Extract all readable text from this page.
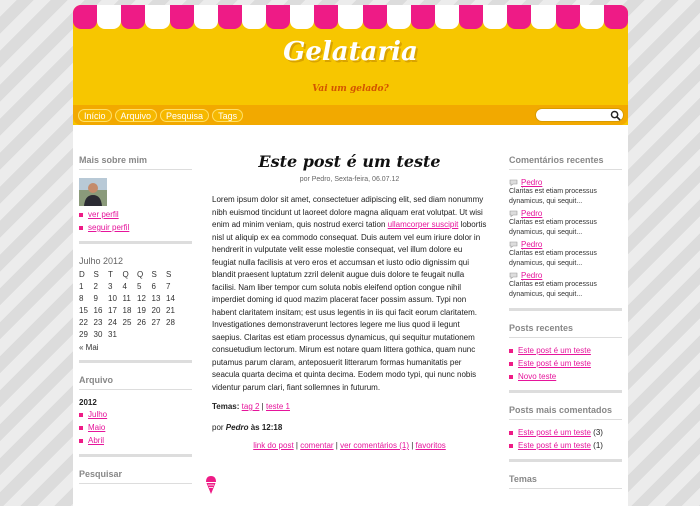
Gelataria
Vai um gelado?
Início	Arquivo	Pesquisa	Tags
Mais sobre mim
ver perfil
seguir perfil
Julho 2012
D	S	T	Q	Q	S	S
1	2	3	4	5	6	7
8	9	10	11	12	13	14
15	16	17	18	19	20	21
22	23	24	25	26	27	28
29	30	31				
« Mai
Arquivo
2012
Julho
Maio
Abril
Pesquisar
Este post é um teste
por Pedro, Sexta-feira, 06.07.12
Lorem ipsum dolor sit amet, consectetuer adipiscing elit, sed diam nonummy nibh euismod tincidunt ut laoreet dolore magna aliquam erat volutpat. Ut wisi enim ad minim veniam, quis nostrud exerci tation ullamcorper suscipit lobortis nisl ut aliquip ex ea commodo consequat. Duis autem vel eum iriure dolor in hendrerit in vulputate velit esse molestie consequat, vel illum dolore eu feugiat nulla facilisis at vero eros et accumsan et iusto odio dignissim qui blandit praesent luptatum zzril delenit augue duis dolore te feugait nulla facilisi. Nam liber tempor cum soluta nobis eleifend option congue nihil imperdiet doming id quod mazim placerat facer possim assum. Typi non habent claritatem insitam; est usus legentis in iis qui facit eorum claritatem. Investigationes demonstraverunt lectores legere me lius quod ii legunt saepius. Claritas est etiam processus dynamicus, qui sequitur mutationem consuetudium lectorum. Mirum est notare quam littera gothica, quam nunc putamus parum claram, anteposuerit litterarum formas humanitatis per seacula quarta decima et quinta decima. Eodem modo typi, qui nunc nobis videntur parum clari, fiant sollemnes in futurum.
Temas: tag 2 | teste 1
por Pedro às 12:18
link do post | comentar | ver comentários (1) | favoritos
Comentários recentes
Pedro
Claritas est etiam processus dynamicus, qui sequit...
Pedro
Claritas est etiam processus dynamicus, qui sequit...
Pedro
Claritas est etiam processus dynamicus, qui sequit...
Pedro
Claritas est etiam processus dynamicus, qui sequit...
Posts recentes
Este post é um teste
Este post é um teste
Novo teste
Posts mais comentados
Este post é um teste (3)
Este post é um teste (1)
Temas
